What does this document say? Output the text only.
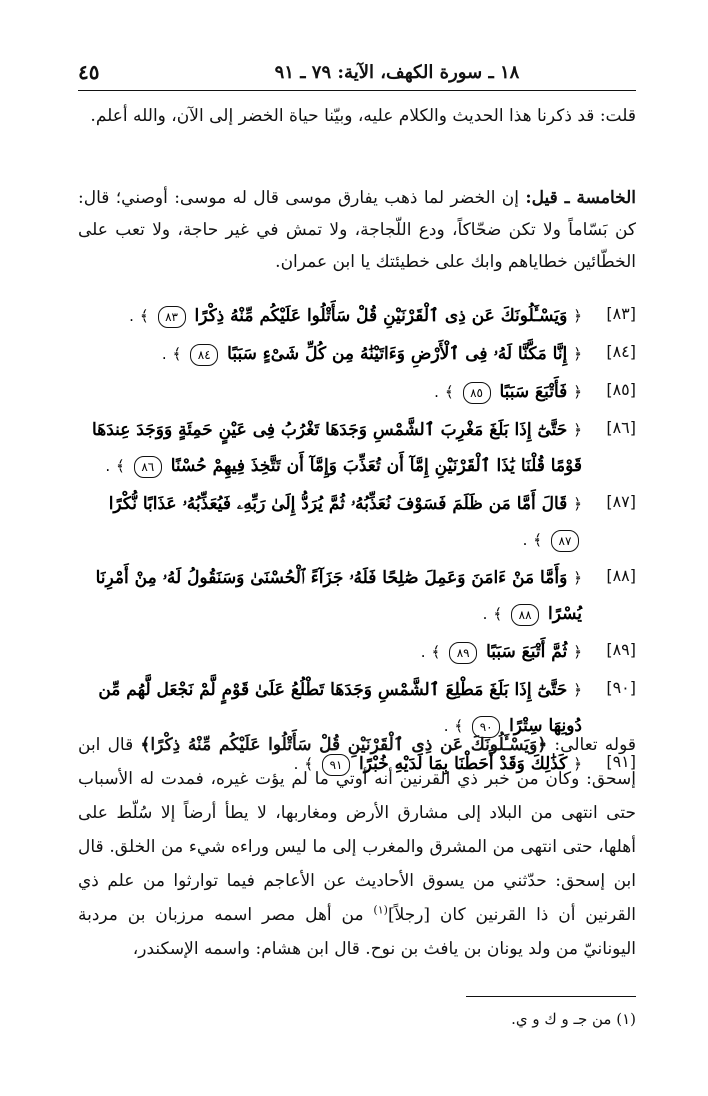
١٨ ـ سورة الكهف، الآية: ٧٩ ـ ٩١
٤٥
قلت: قد ذكرنا هذا الحديث والكلام عليه، وبيّنا حياة الخضر إلى الآن، والله أعلم.
الخامسة ـ قيل: إن الخضر لما ذهب يفارق موسى قال له موسى: أوصني؛ قال: كن بَسّاماً ولا تكن ضحّاكاً، ودع اللّجاجة، ولا تمش في غير حاجة، ولا تعب على الخطّائين خطاياهم وابك على خطيئتك يا ابن عمران.
[٨٣]
﴿ وَيَسْـَٔلُونَكَ عَن ذِى ٱلْقَرْنَيْنِ قُلْ سَأَتْلُوا عَلَيْكُم مِّنْهُ ذِكْرًا ٨٣ ﴾ .
[٨٤]
﴿ إِنَّا مَكَّنَّا لَهُۥ فِى ٱلْأَرْضِ وَءَاتَيْنَٰهُ مِن كُلِّ شَىْءٍ سَبَبًا ٨٤ ﴾ .
[٨٥]
﴿ فَأَتْبَعَ سَبَبًا ٨٥ ﴾ .
[٨٦]
﴿ حَتَّىٰٓ إِذَا بَلَغَ مَغْرِبَ ٱلشَّمْسِ وَجَدَهَا تَغْرُبُ فِى عَيْنٍ حَمِئَةٍ وَوَجَدَ عِندَهَا قَوْمًا قُلْنَا يَٰذَا ٱلْقَرْنَيْنِ إِمَّآ أَن تُعَذِّبَ وَإِمَّآ أَن تَتَّخِذَ فِيهِمْ حُسْنًا ٨٦ ﴾ .
[٨٧]
﴿ قَالَ أَمَّا مَن ظَلَمَ فَسَوْفَ نُعَذِّبُهُۥ ثُمَّ يُرَدُّ إِلَىٰ رَبِّهِۦ فَيُعَذِّبُهُۥ عَذَابًا نُّكْرًا ٨٧ ﴾ .
[٨٨]
﴿ وَأَمَّا مَنْ ءَامَنَ وَعَمِلَ صَٰلِحًا فَلَهُۥ جَزَآءً ٱلْحُسْنَىٰ وَسَنَقُولُ لَهُۥ مِنْ أَمْرِنَا يُسْرًا ٨٨ ﴾ .
[٨٩]
﴿ ثُمَّ أَتْبَعَ سَبَبًا ٨٩ ﴾ .
[٩٠]
﴿ حَتَّىٰٓ إِذَا بَلَغَ مَطْلِعَ ٱلشَّمْسِ وَجَدَهَا تَطْلُعُ عَلَىٰ قَوْمٍ لَّمْ نَجْعَل لَّهُم مِّن دُونِهَا سِتْرًا ٩٠ ﴾ .
[٩١]
﴿ كَذَٰلِكَ وَقَدْ أَحَطْنَا بِمَا لَدَيْهِ خُبْرًا ٩١ ﴾ .
قوله تعالى: ﴿وَيَسْـَٔلُونَكَ عَن ذِى ٱلْقَرْنَيْنِ قُلْ سَأَتْلُوا عَلَيْكُم مِّنْهُ ذِكْرًا﴾ قال ابن إسحق: وكان من خبر ذي القرنين أنه أوتي ما لم يؤت غيره، فمدت له الأسباب حتى انتهى من البلاد إلى مشارق الأرض ومغاربها، لا يطأ أرضاً إلا سُلّط على أهلها، حتى انتهى من المشرق والمغرب إلى ما ليس وراءه شيء من الخلق. قال ابن إسحق: حدّثني من يسوق الأحاديث عن الأعاجم فيما توارثوا من علم ذي القرنين أن ذا القرنين كان [رجلاً]$^{(١)}$ من أهل مصر اسمه مرزبان بن مردبة اليونانيّ من ولد يونان بن يافث بن نوح. قال ابن هشام: واسمه الإسكندر،
(١) من جـ و ك و ي.
